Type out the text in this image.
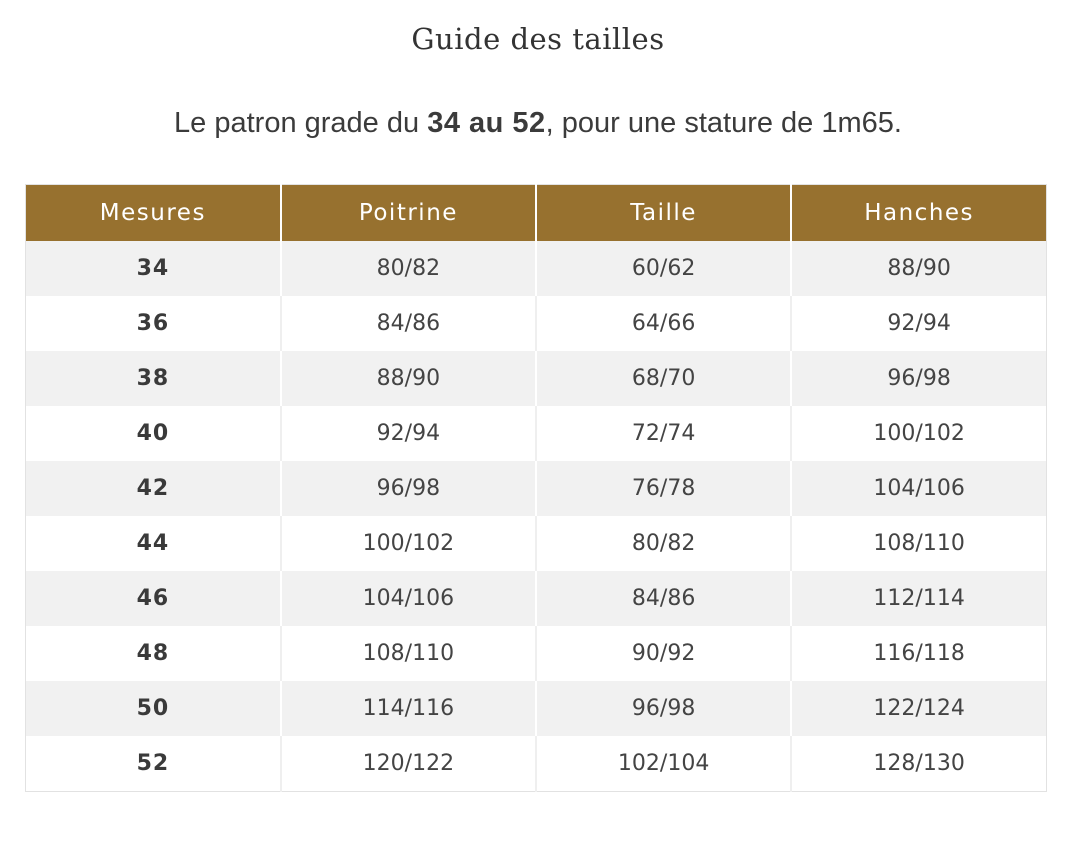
Guide des tailles
Le patron grade du 34 au 52, pour une stature de 1m65.
Mesures	Poitrine	Taille	Hanches
34	80/82	60/62	88/90
36	84/86	64/66	92/94
38	88/90	68/70	96/98
40	92/94	72/74	100/102
42	96/98	76/78	104/106
44	100/102	80/82	108/110
46	104/106	84/86	112/114
48	108/110	90/92	116/118
50	114/116	96/98	122/124
52	120/122	102/104	128/130
